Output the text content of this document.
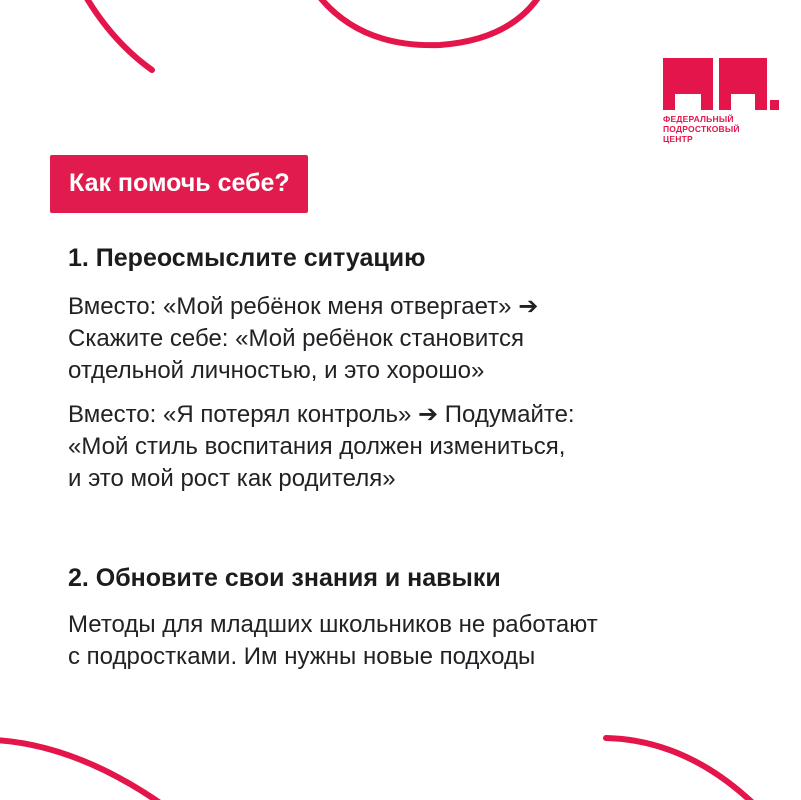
ФЕДЕРАЛЬНЫЙ
ПОДРОСТКОВЫЙ
ЦЕНТР
Как помочь себе?
1. Переосмыслите ситуацию

Вместо: «Мой ребёнок меня отвергает» ➔
Скажите себе: «Мой ребёнок становится
отдельной личностью, и это хорошо»

Вместо: «Я потерял контроль» ➔ Подумайте:
«Мой стиль воспитания должен измениться,
и это мой рост как родителя»

2. Обновите свои знания и навыки

Методы для младших школьников не работают
с подростками. Им нужны новые подходы
